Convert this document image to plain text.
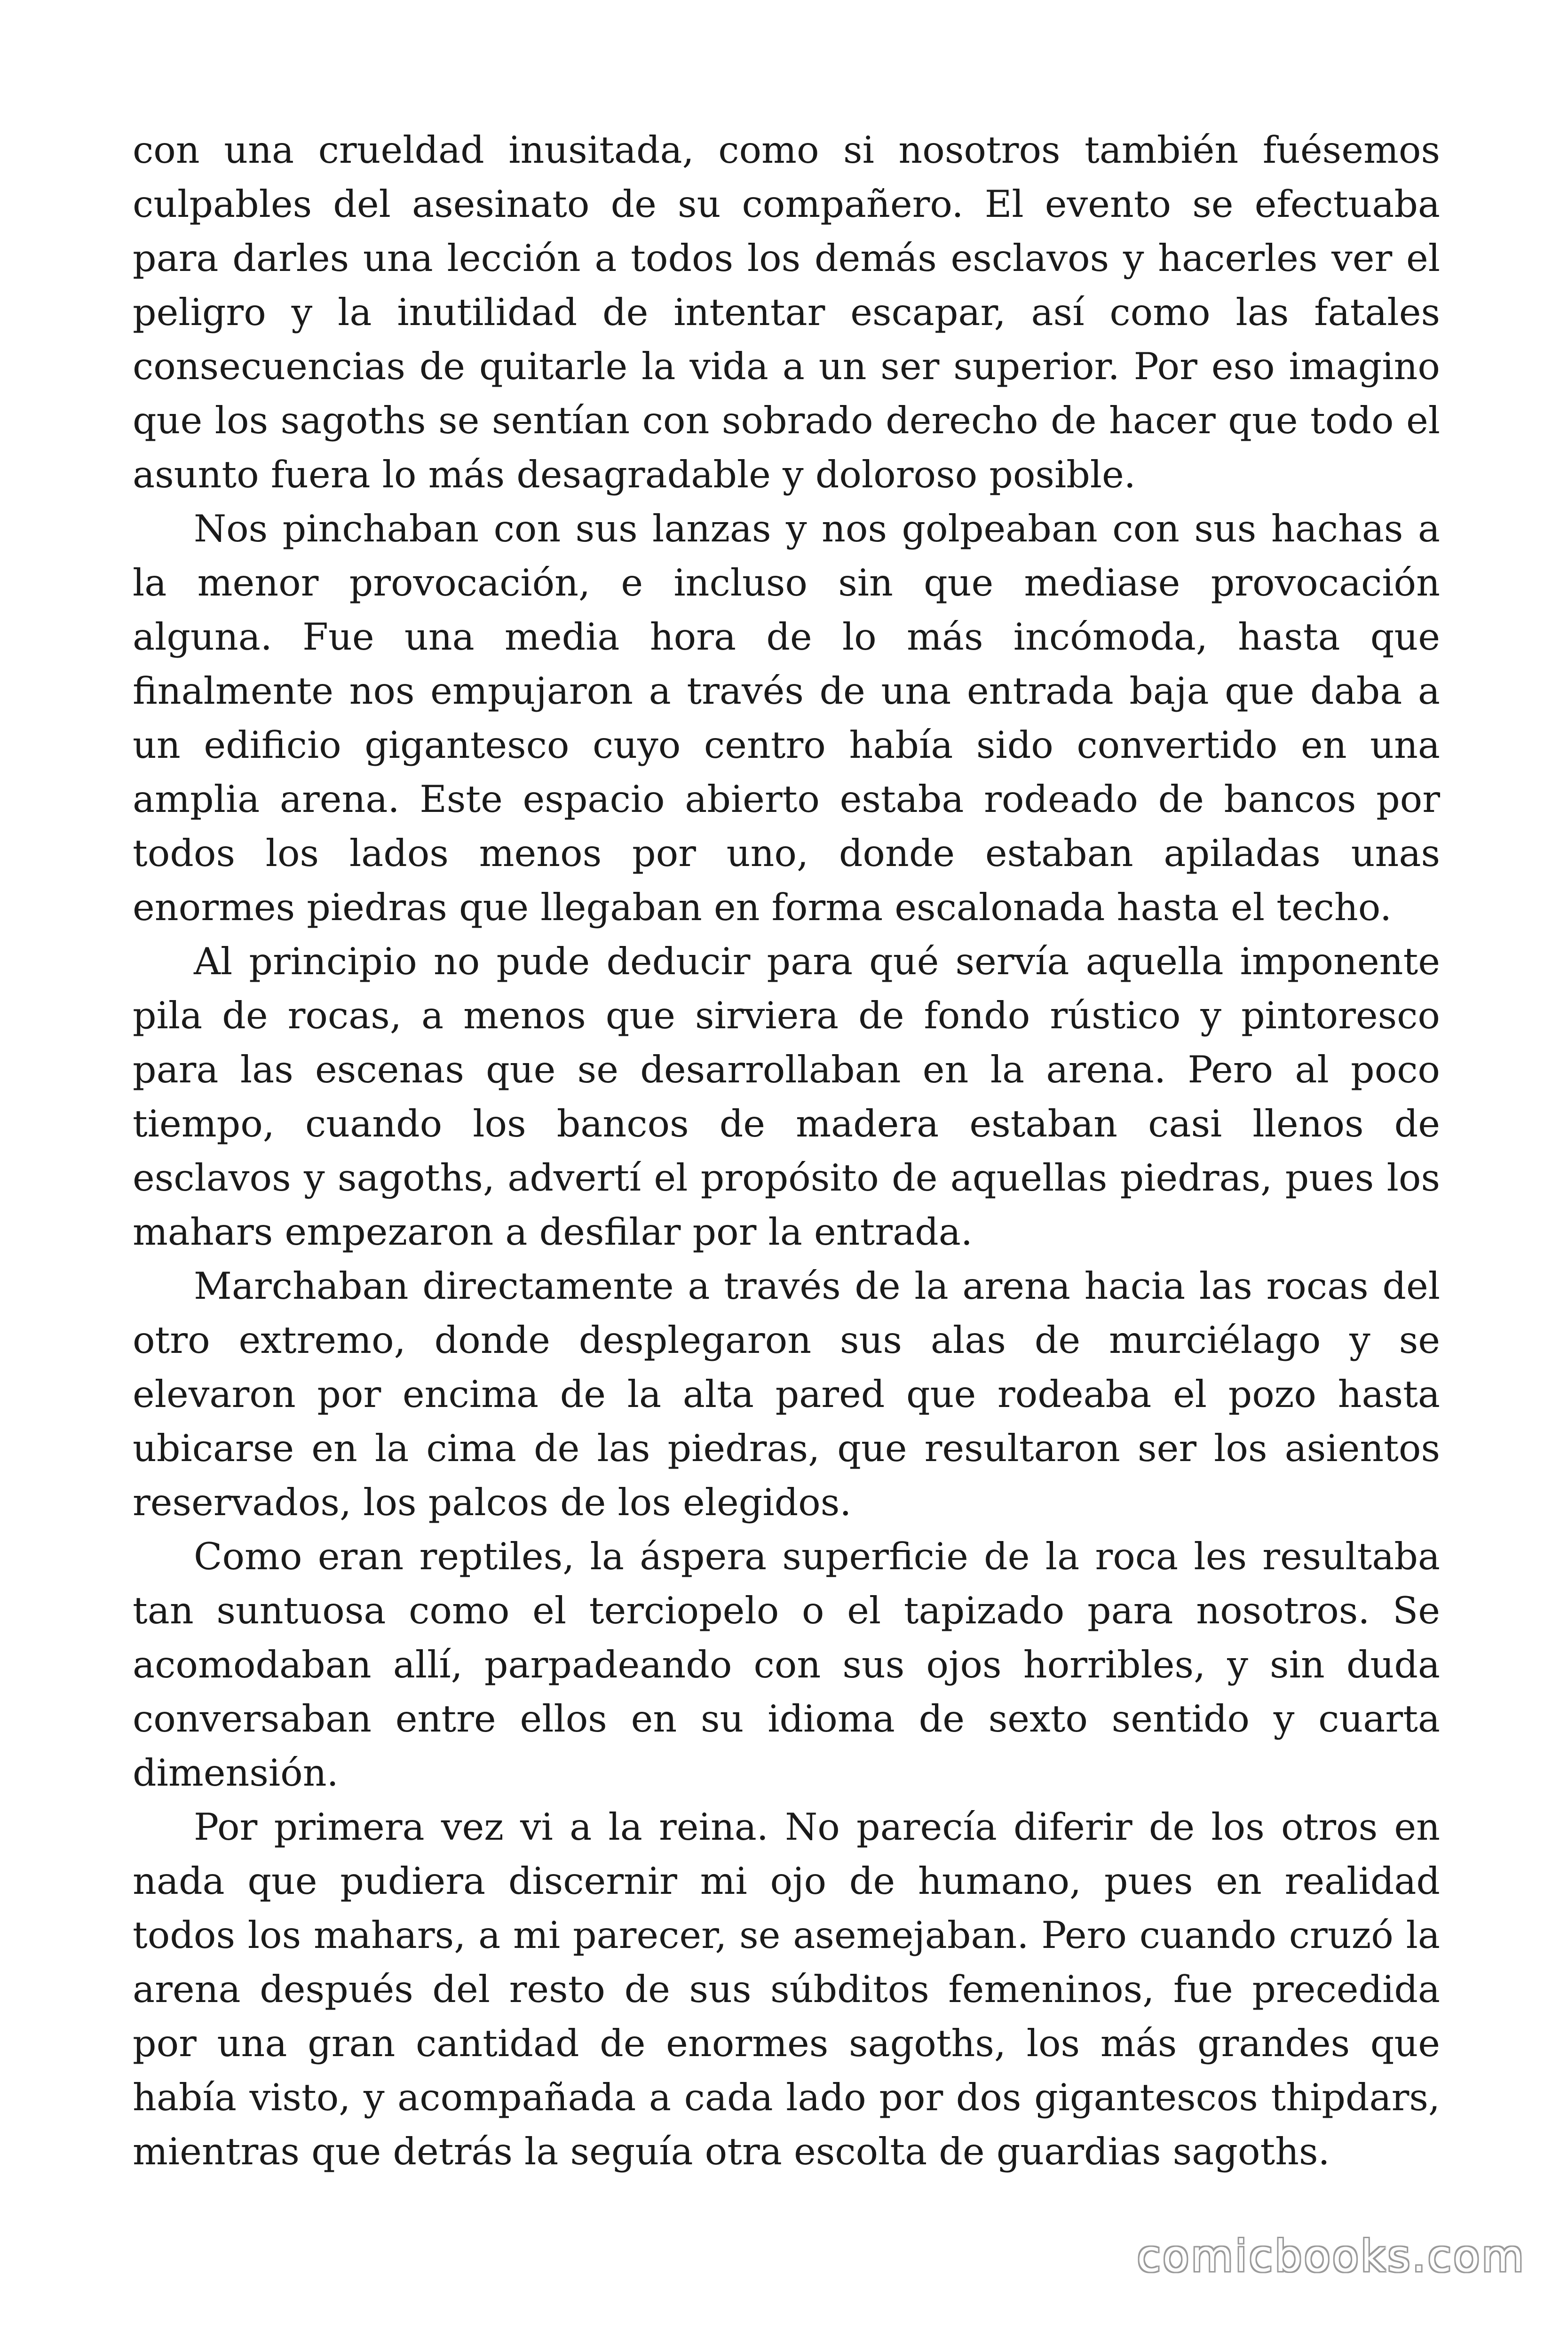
con una crueldad inusitada, como si nosotros también fuésemos culpables del asesinato de su compañero. El evento se efectuaba para darles una lección a todos los demás esclavos y hacerles ver el peligro y la inutilidad de intentar escapar, así como las fatales consecuencias de quitarle la vida a un ser superior. Por eso imagino que los sagoths se sentían con sobrado derecho de hacer que todo el asunto fuera lo más desagradable y doloroso posible.

Nos pinchaban con sus lanzas y nos golpeaban con sus hachas a la menor provocación, e incluso sin que mediase provocación alguna. Fue una media hora de lo más incómoda, hasta que finalmente nos empujaron a través de una entrada baja que daba a un edificio gigantesco cuyo centro había sido convertido en una amplia arena. Este espacio abierto estaba rodeado de bancos por todos los lados menos por uno, donde estaban apiladas unas enormes piedras que llegaban en forma escalonada hasta el techo.

Al principio no pude deducir para qué servía aquella imponente pila de rocas, a menos que sirviera de fondo rústico y pintoresco para las escenas que se desarrollaban en la arena. Pero al poco tiempo, cuando los bancos de madera estaban casi llenos de esclavos y sagoths, advertí el propósito de aquellas piedras, pues los mahars empezaron a desfilar por la entrada.

Marchaban directamente a través de la arena hacia las rocas del otro extremo, donde desplegaron sus alas de murciélago y se elevaron por encima de la alta pared que rodeaba el pozo hasta ubicarse en la cima de las piedras, que resultaron ser los asientos reservados, los palcos de los elegidos.

Como eran reptiles, la áspera superficie de la roca les resultaba tan suntuosa como el terciopelo o el tapizado para nosotros. Se acomodaban allí, parpadeando con sus ojos horribles, y sin duda conversaban entre ellos en su idioma de sexto sentido y cuarta dimensión.

Por primera vez vi a la reina. No parecía diferir de los otros en nada que pudiera discernir mi ojo de humano, pues en realidad todos los mahars, a mi parecer, se asemejaban. Pero cuando cruzó la arena después del resto de sus súbditos femeninos, fue precedida por una gran cantidad de enormes sagoths, los más grandes que había visto, y acompañada a cada lado por dos gigantescos thipdars, mientras que detrás la seguía otra escolta de guardias sagoths.

comicbooks.com
